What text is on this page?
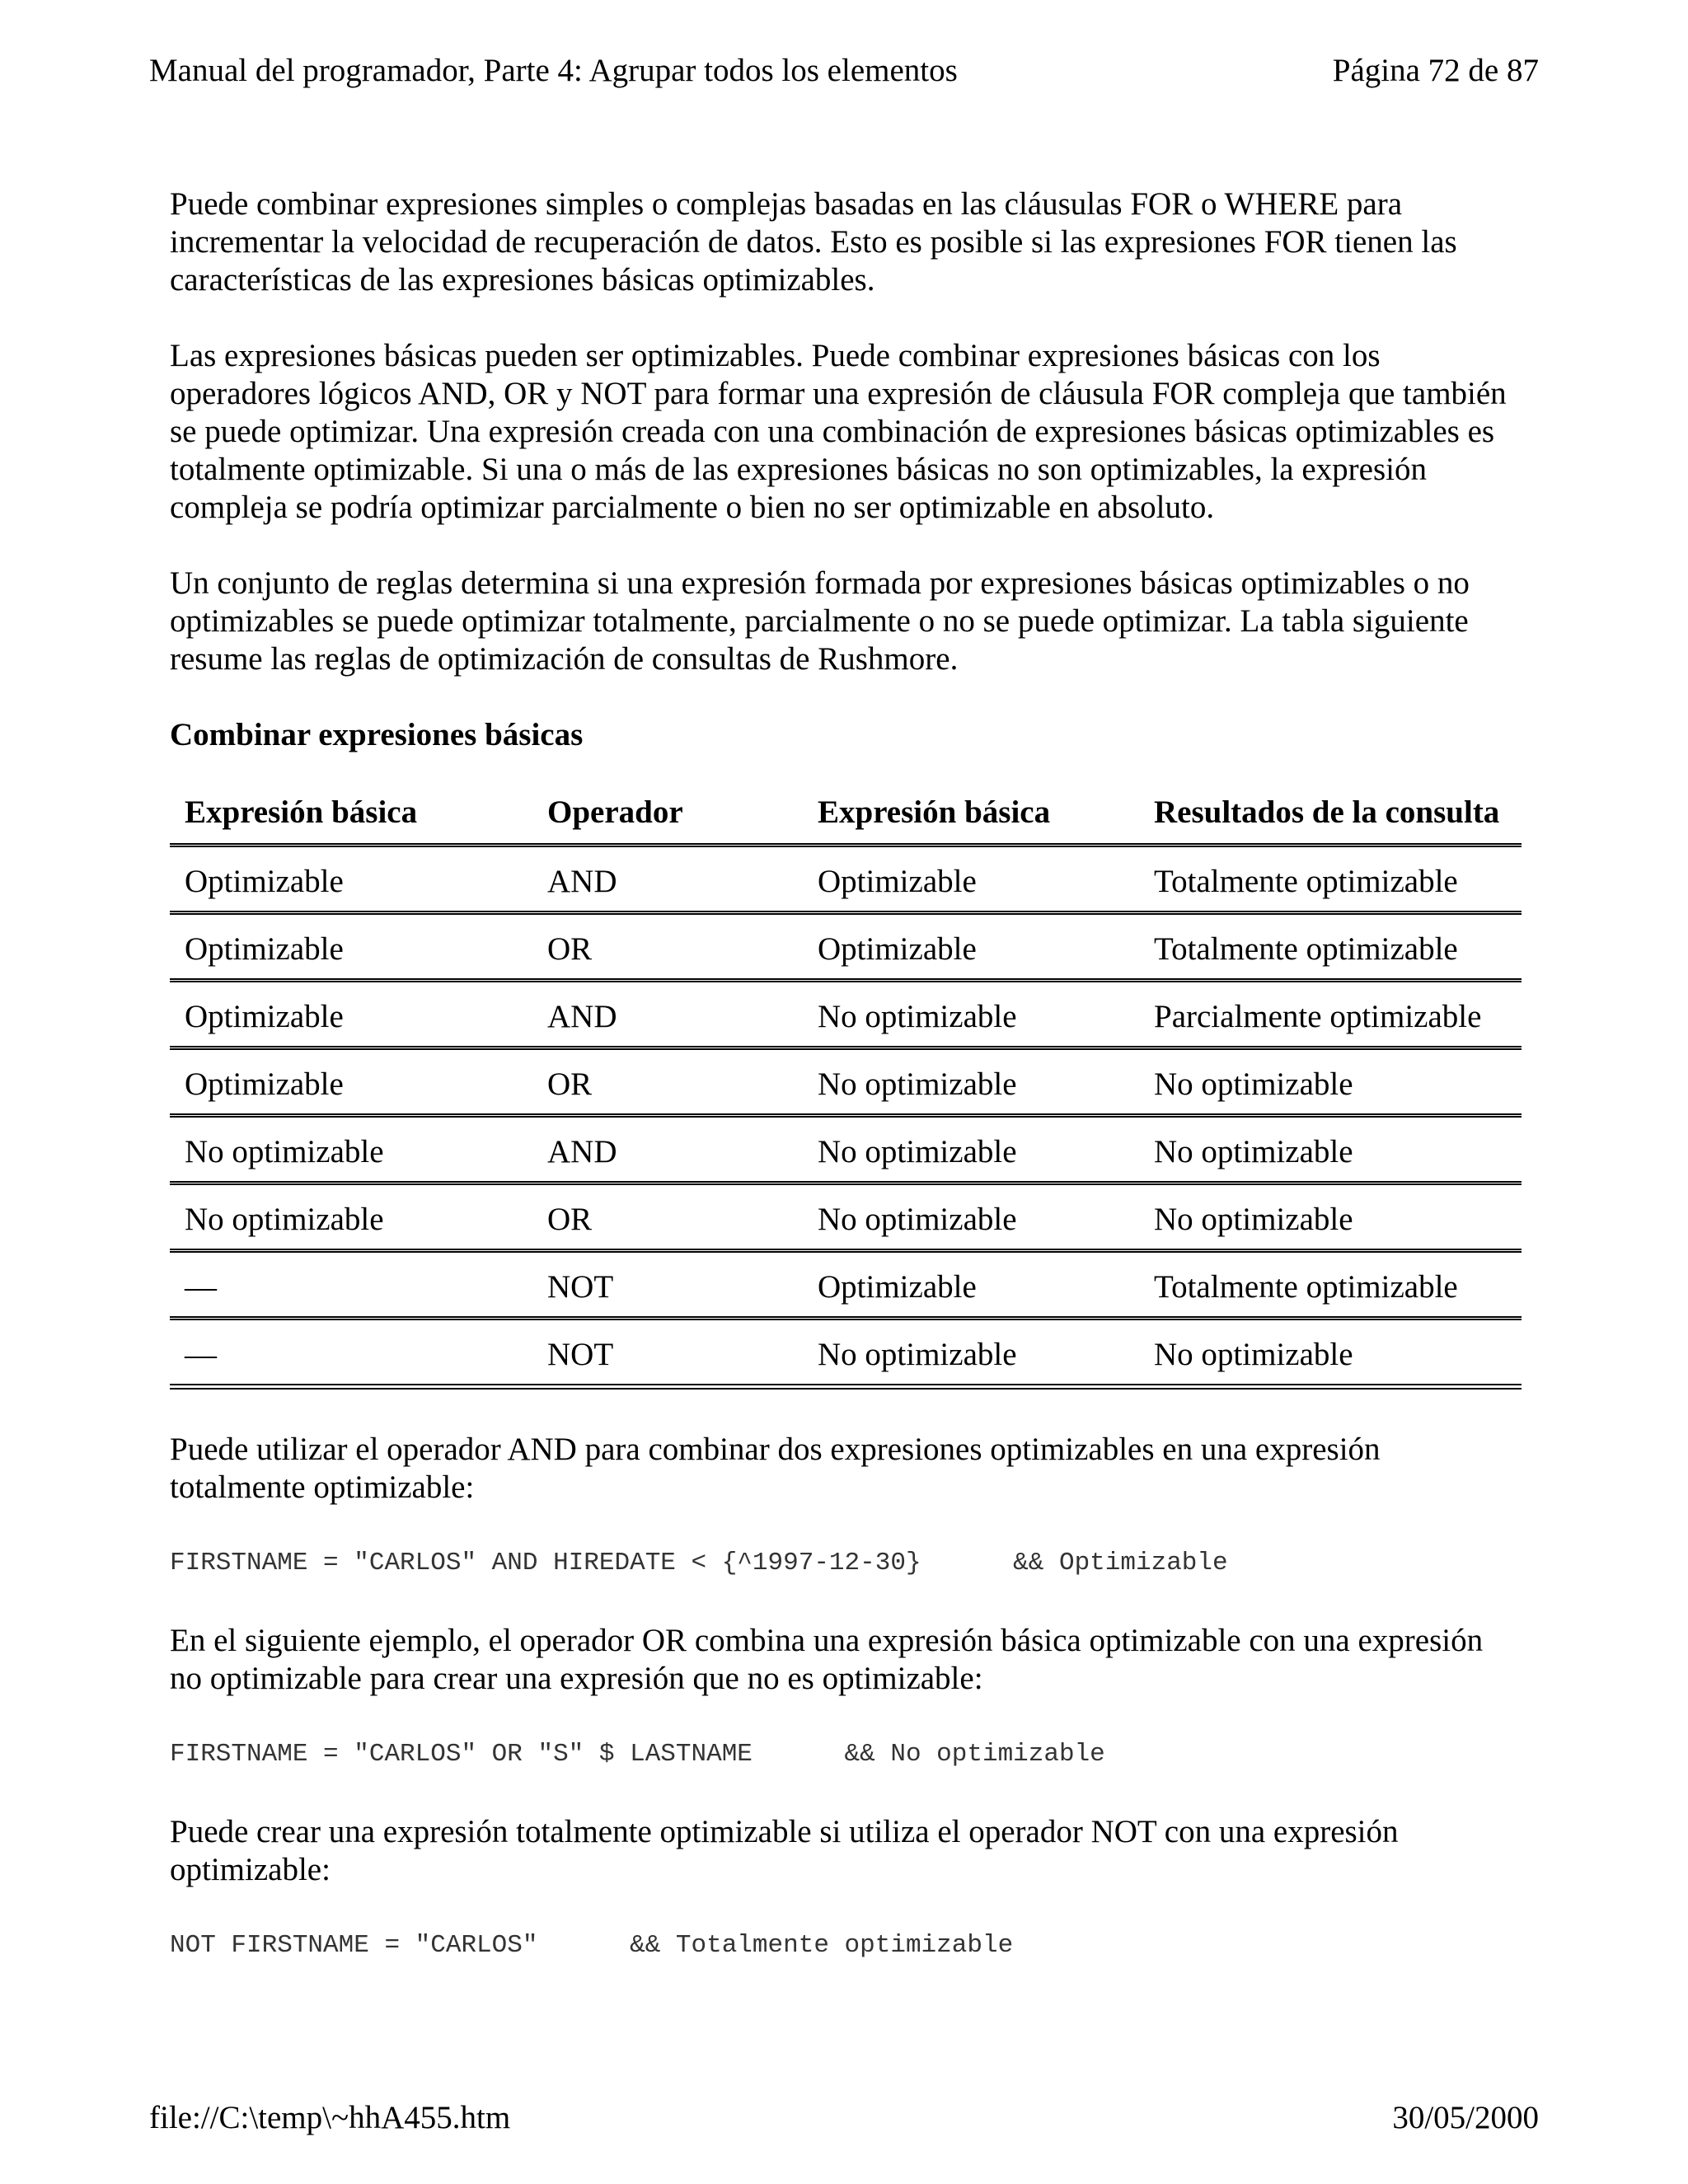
Manual del programador, Parte 4: Agrupar todos los elementos	Página 72 de 87

Puede combinar expresiones simples o complejas basadas en las cláusulas FOR o WHERE para incrementar la velocidad de recuperación de datos. Esto es posible si las expresiones FOR tienen las características de las expresiones básicas optimizables.

Las expresiones básicas pueden ser optimizables. Puede combinar expresiones básicas con los operadores lógicos AND, OR y NOT para formar una expresión de cláusula FOR compleja que también se puede optimizar. Una expresión creada con una combinación de expresiones básicas optimizables es totalmente optimizable. Si una o más de las expresiones básicas no son optimizables, la expresión compleja se podría optimizar parcialmente o bien no ser optimizable en absoluto.

Un conjunto de reglas determina si una expresión formada por expresiones básicas optimizables o no optimizables se puede optimizar totalmente, parcialmente o no se puede optimizar. La tabla siguiente resume las reglas de optimización de consultas de Rushmore.

Combinar expresiones básicas

Expresión básica	Operador	Expresión básica	Resultados de la consulta
Optimizable	AND	Optimizable	Totalmente optimizable
Optimizable	OR	Optimizable	Totalmente optimizable
Optimizable	AND	No optimizable	Parcialmente optimizable
Optimizable	OR	No optimizable	No optimizable
No optimizable	AND	No optimizable	No optimizable
No optimizable	OR	No optimizable	No optimizable
—	NOT	Optimizable	Totalmente optimizable
—	NOT	No optimizable	No optimizable

Puede utilizar el operador AND para combinar dos expresiones optimizables en una expresión totalmente optimizable:

FIRSTNAME = "CARLOS" AND HIREDATE < {^1997-12-30}      && Optimizable

En el siguiente ejemplo, el operador OR combina una expresión básica optimizable con una expresión no optimizable para crear una expresión que no es optimizable:

FIRSTNAME = "CARLOS" OR "S" $ LASTNAME      && No optimizable

Puede crear una expresión totalmente optimizable si utiliza el operador NOT con una expresión optimizable:

NOT FIRSTNAME = "CARLOS"      && Totalmente optimizable
file://C:\temp\~hhA455.htm	30/05/2000
